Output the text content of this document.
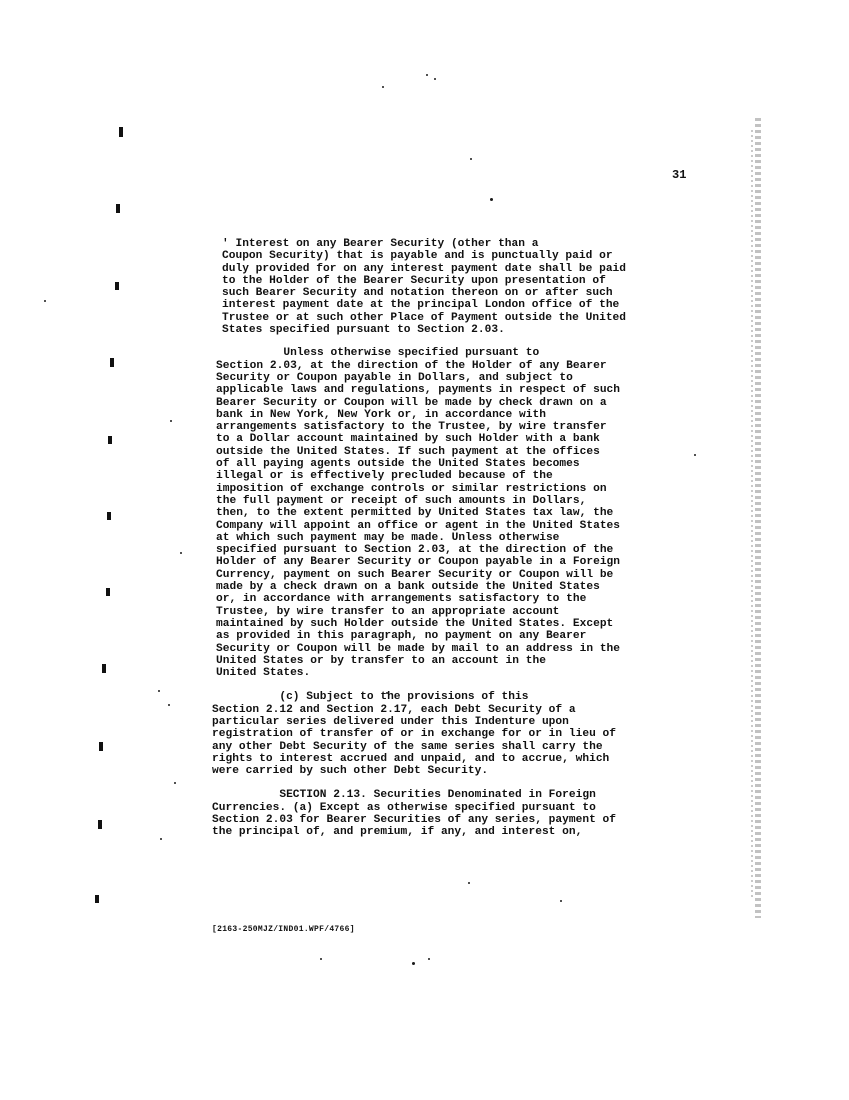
31

' Interest on any Bearer Security (other than a
Coupon Security) that is payable and is punctually paid or
duly provided for on any interest payment date shall be paid
to the Holder of the Bearer Security upon presentation of
such Bearer Security and notation thereon on or after such
interest payment date at the principal London office of the
Trustee or at such other Place of Payment outside the United
States specified pursuant to Section 2.03.

Unless otherwise specified pursuant to
Section 2.03, at the direction of the Holder of any Bearer
Security or Coupon payable in Dollars, and subject to
applicable laws and regulations, payments in respect of such
Bearer Security or Coupon will be made by check drawn on a
bank in New York, New York or, in accordance with
arrangements satisfactory to the Trustee, by wire transfer
to a Dollar account maintained by such Holder with a bank
outside the United States. If such payment at the offices
of all paying agents outside the United States becomes
illegal or is effectively precluded because of the
imposition of exchange controls or similar restrictions on
the full payment or receipt of such amounts in Dollars,
then, to the extent permitted by United States tax law, the
Company will appoint an office or agent in the United States
at which such payment may be made. Unless otherwise
specified pursuant to Section 2.03, at the direction of the
Holder of any Bearer Security or Coupon payable in a Foreign
Currency, payment on such Bearer Security or Coupon will be
made by a check drawn on a bank outside the United States
or, in accordance with arrangements satisfactory to the
Trustee, by wire transfer to an appropriate account
maintained by such Holder outside the United States. Except
as provided in this paragraph, no payment on any Bearer
Security or Coupon will be made by mail to an address in the
United States or by transfer to an account in the
United States.

(c) Subject to the provisions of this
Section 2.12 and Section 2.17, each Debt Security of a
particular series delivered under this Indenture upon
registration of transfer of or in exchange for or in lieu of
any other Debt Security of the same series shall carry the
rights to interest accrued and unpaid, and to accrue, which
were carried by such other Debt Security.

SECTION 2.13. Securities Denominated in Foreign
Currencies. (a) Except as otherwise specified pursuant to
Section 2.03 for Bearer Securities of any series, payment of
the principal of, and premium, if any, and interest on,

[2163-250MJZ/IND01.WPF/4766]
